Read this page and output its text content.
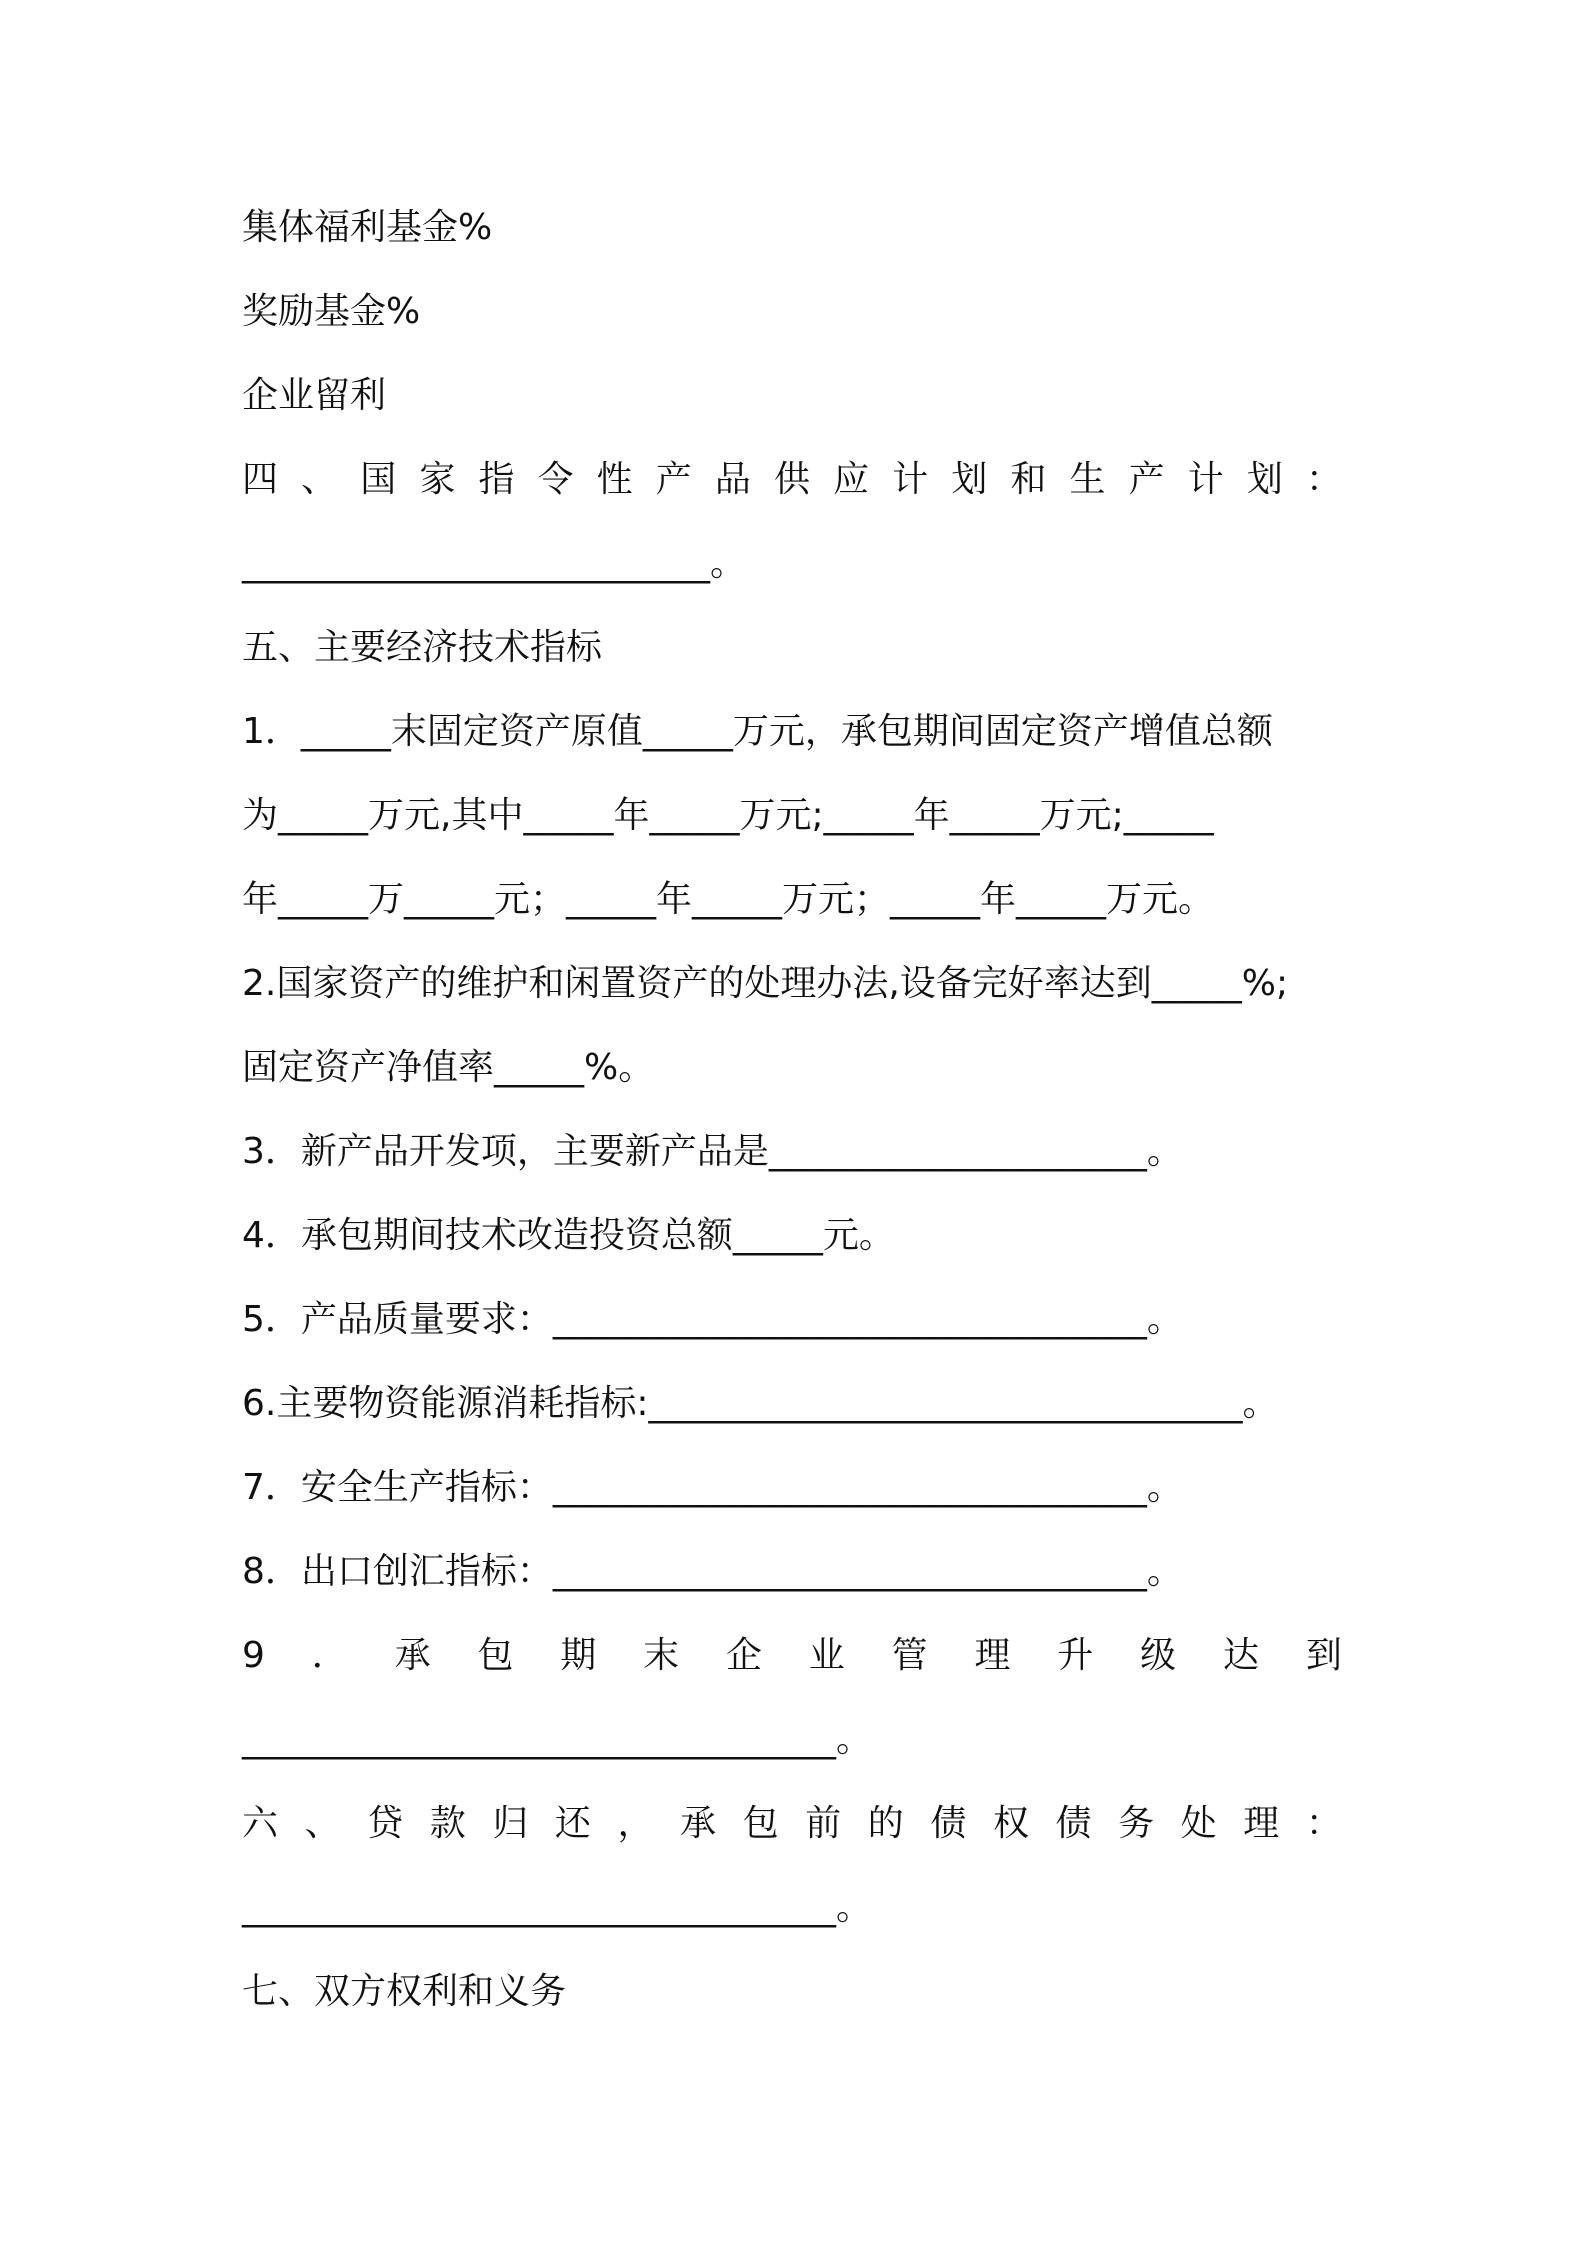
集体福利基金%
奖励基金%
企业留利
四 、 国 家 指 令 性 产 品 供 应 计 划 和 生 产 计 划 ：
__________________________。
五、主要经济技术指标
1．_____末固定资产原值_____万元，承包期间固定资产增值总额
为_____万元,其中_____年_____万元;_____年_____万元;_____
年_____万_____元；_____年_____万元；_____年_____万元。
2.国家资产的维护和闲置资产的处理办法,设备完好率达到_____%;
固定资产净值率_____%。
3．新产品开发项，主要新产品是_____________________。
4．承包期间技术改造投资总额_____元。
5．产品质量要求：_________________________________。
6.主要物资能源消耗指标:_________________________________。
7．安全生产指标：_________________________________。
8．出口创汇指标：_________________________________。
9 ． 承 包 期 末 企 业 管 理 升 级 达 到
_________________________________。
六 、 贷 款 归 还 ， 承 包 前 的 债 权 债 务 处 理 ：
_________________________________。
七、双方权利和义务
